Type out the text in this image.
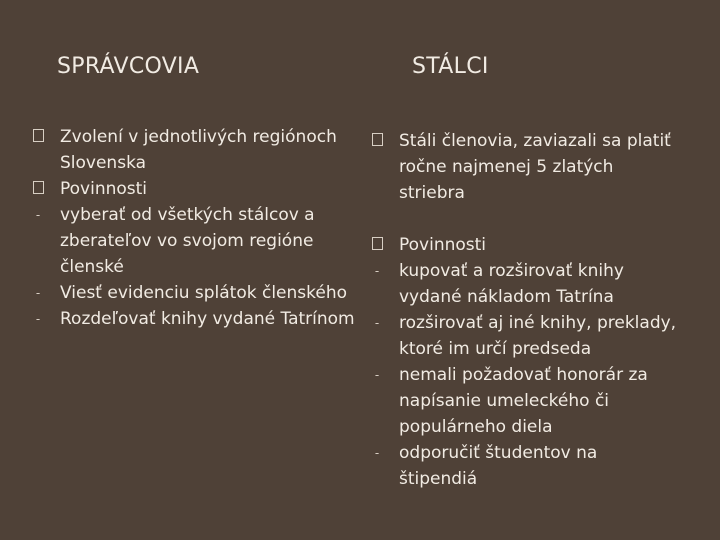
SPRÁVCOVIA	STÁLCI
Zvolení v jednotlivých regiónoch Slovenska
Povinnosti
-	vyberať od všetkých stálcov a zberateľov vo svojom regióne členské
-	Viesť evidenciu splátok členského
-	Rozdeľovať knihy vydané Tatrínom
Stáli členovia, zaviazali sa platiť ročne najmenej 5 zlatých striebra
Povinnosti
-	kupovať a rozširovať knihy vydané nákladom Tatrína
-	rozširovať aj iné knihy, preklady, ktoré im určí predseda
-	nemali požadovať honorár za napísanie umeleckého či populárneho diela
-	odporučiť študentov na štipendiá
